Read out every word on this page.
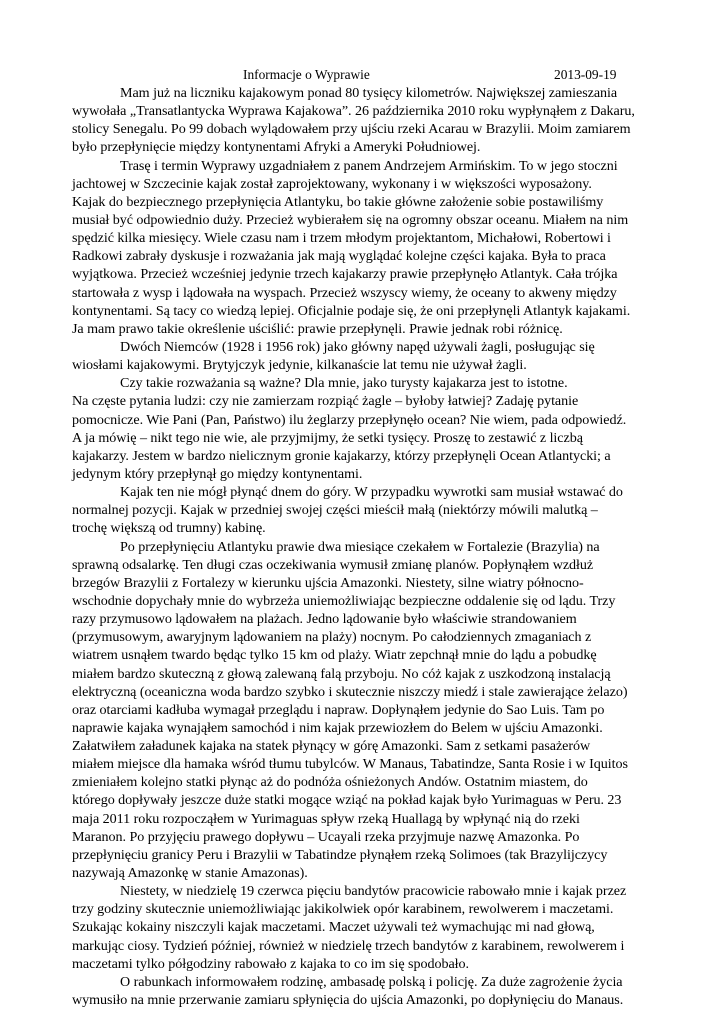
Informacje o Wyprawie	2013-09-19
Mam już na liczniku kajakowym ponad 80 tysięcy kilometrów. Największej zamieszania
wywołała „Transatlantycka Wyprawa Kajakowa”. 26 października 2010 roku wypłynąłem z Dakaru,
stolicy Senegalu. Po 99 dobach wylądowałem przy ujściu rzeki Acarau w Brazylii. Moim zamiarem
było przepłynięcie między kontynentami Afryki a Ameryki Południowej.
Trasę i termin Wyprawy uzgadniałem z panem Andrzejem Armińskim. To w jego stoczni
jachtowej w Szczecinie kajak został zaprojektowany, wykonany i w większości wyposażony.
Kajak do bezpiecznego przepłynięcia Atlantyku, bo takie główne założenie sobie postawiliśmy
musiał być odpowiednio duży. Przecież wybierałem się na ogromny obszar oceanu. Miałem na nim
spędzić kilka miesięcy. Wiele czasu nam i trzem młodym projektantom, Michałowi, Robertowi i
Radkowi zabrały dyskusje i rozważania jak mają wyglądać kolejne części kajaka. Była to praca
wyjątkowa. Przecież wcześniej jedynie trzech kajakarzy prawie przepłynęło Atlantyk. Cała trójka
startowała z wysp i lądowała na wyspach. Przecież wszyscy wiemy, że oceany to akweny między
kontynentami. Są tacy co wiedzą lepiej. Oficjalnie podaje się, że oni przepłynęli Atlantyk kajakami.
Ja mam prawo takie określenie uściślić: prawie przepłynęli. Prawie jednak robi różnicę.
Dwóch Niemców (1928 i 1956 rok) jako główny napęd używali żagli, posługując się
wiosłami kajakowymi. Brytyjczyk jedynie, kilkanaście lat temu nie używał żagli.
Czy takie rozważania są ważne? Dla mnie, jako turysty kajakarza jest to istotne.
Na częste pytania ludzi: czy nie zamierzam rozpiąć żagle – byłoby łatwiej? Zadaję pytanie
pomocnicze. Wie Pani (Pan, Państwo) ilu żeglarzy przepłynęło ocean? Nie wiem, pada odpowiedź.
A ja mówię – nikt tego nie wie, ale przyjmijmy, że setki tysięcy. Proszę to zestawić z liczbą
kajakarzy. Jestem w bardzo nielicznym gronie kajakarzy, którzy przepłynęli Ocean Atlantycki; a
jedynym który przepłynął go między kontynentami.
Kajak ten nie mógł płynąć dnem do góry. W przypadku wywrotki sam musiał wstawać do
normalnej pozycji. Kajak w przedniej swojej części mieścił małą (niektórzy mówili malutką –
trochę większą od trumny) kabinę.
Po przepłynięciu Atlantyku prawie dwa miesiące czekałem w Fortalezie (Brazylia) na
sprawną odsalarkę. Ten długi czas oczekiwania wymusił zmianę planów. Popłynąłem wzdłuż
brzegów Brazylii z Fortalezy w kierunku ujścia Amazonki. Niestety, silne wiatry północno-
wschodnie dopychały mnie do wybrzeża uniemożliwiając bezpieczne oddalenie się od lądu. Trzy
razy przymusowo lądowałem na plażach. Jedno lądowanie było właściwie strandowaniem
(przymusowym, awaryjnym lądowaniem na plaży) nocnym. Po całodziennych zmaganiach z
wiatrem usnąłem twardo będąc tylko 15 km od plaży. Wiatr zepchnął mnie do lądu a pobudkę
miałem bardzo skuteczną z głową zalewaną falą przyboju. No cóż kajak z uszkodzoną instalacją
elektryczną (oceaniczna woda bardzo szybko i skutecznie niszczy miedź i stale zawierające żelazo)
oraz otarciami kadłuba wymagał przeglądu i napraw. Dopłynąłem jedynie do Sao Luis. Tam po
naprawie kajaka wynająłem samochód i nim kajak przewiozłem do Belem w ujściu Amazonki.
Załatwiłem załadunek kajaka na statek płynący w górę Amazonki. Sam z setkami pasażerów
miałem miejsce dla hamaka wśród tłumu tubylców. W Manaus, Tabatindze, Santa Rosie i w Iquitos
zmieniałem kolejno statki płynąc aż do podnóża ośnieżonych Andów. Ostatnim miastem, do
którego dopływały jeszcze duże statki mogące wziąć na pokład kajak było Yurimaguas w Peru. 23
maja 2011 roku rozpocząłem w Yurimaguas spływ rzeką Huallagą by wpłynąć nią do rzeki
Maranon. Po przyjęciu prawego dopływu – Ucayali rzeka przyjmuje nazwę Amazonka. Po
przepłynięciu granicy Peru i Brazylii w Tabatindze płynąłem rzeką Solimoes (tak Brazylijczycy
nazywają Amazonkę w stanie Amazonas).
Niestety, w niedzielę 19 czerwca pięciu bandytów pracowicie rabowało mnie i kajak przez
trzy godziny skutecznie uniemożliwiając jakikolwiek opór karabinem, rewolwerem i maczetami.
Szukając kokainy niszczyli kajak maczetami. Maczet używali też wymachując mi nad głową,
markując ciosy. Tydzień później, również w niedzielę trzech bandytów z karabinem, rewolwerem i
maczetami tylko półgodziny rabowało z kajaka to co im się spodobało.
O rabunkach informowałem rodzinę, ambasadę polską i policję. Za duże zagrożenie życia
wymusiło na mnie przerwanie zamiaru spłynięcia do ujścia Amazonki, po dopłynięciu do Manaus.
